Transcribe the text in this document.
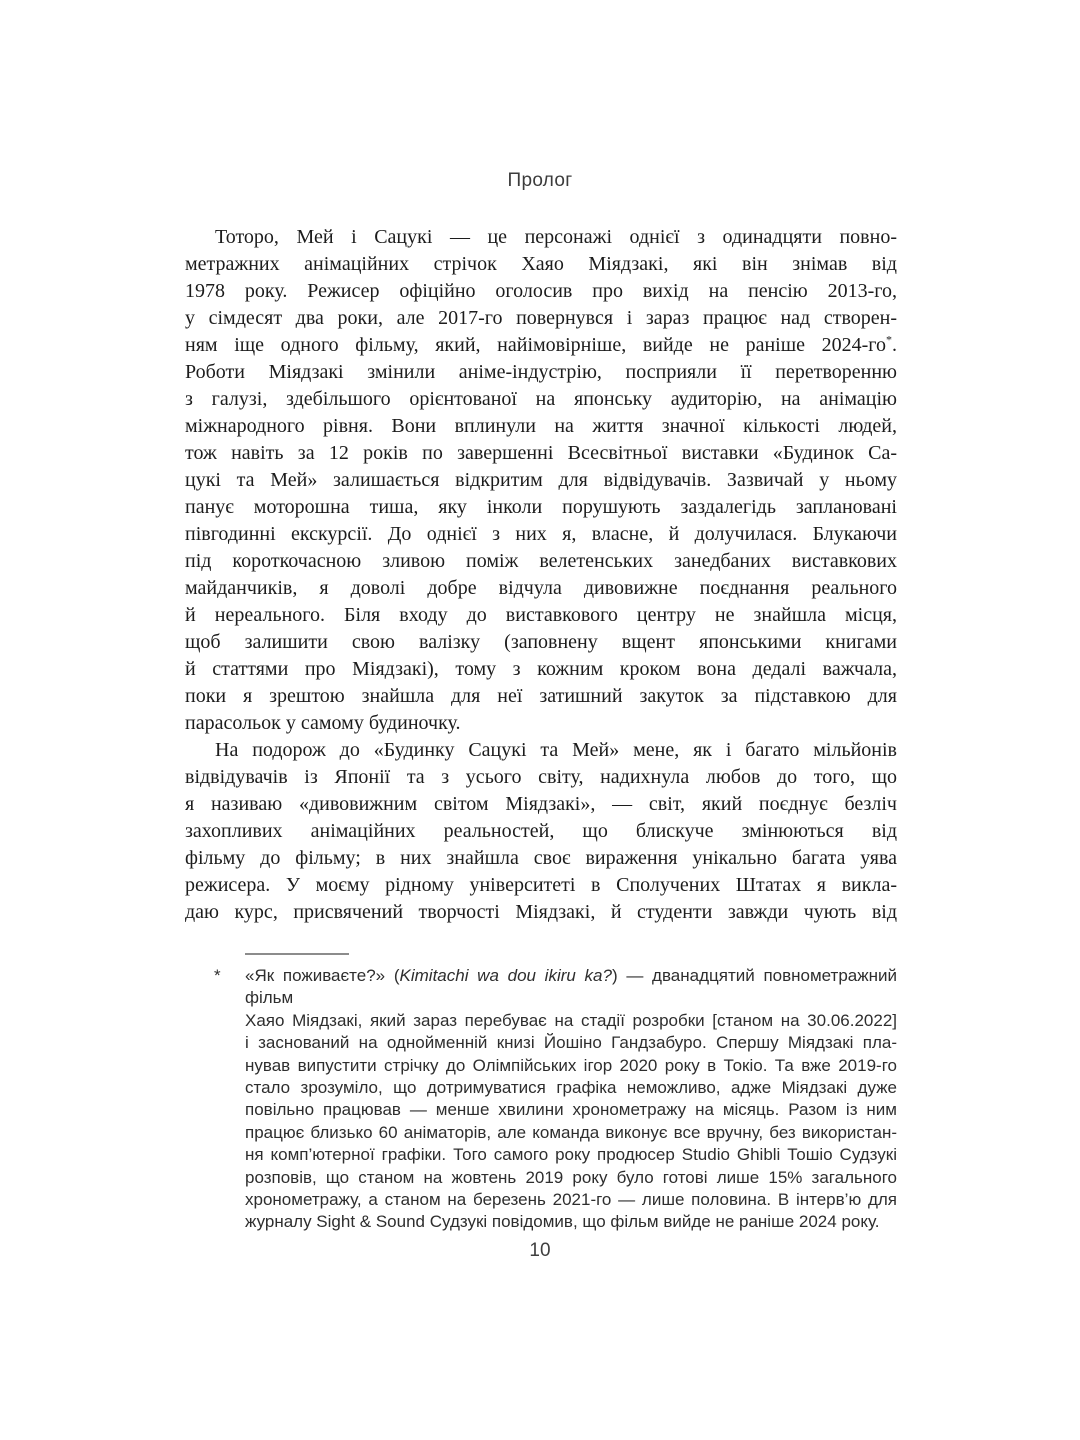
Пролог
Тоторо, Мей і Сацукі — це персонажі однієї з одинадцяти повно-
метражних анімаційних стрічок Хаяо Міядзакі, які він знімав від
1978 року. Режисер офіційно оголосив про вихід на пенсію 2013-го,
у сімдесят два роки, але 2017-го повернувся і зараз працює над створен-
ням іще одного фільму, який, найімовірніше, вийде не раніше 2024-го*.
Роботи Міядзакі змінили аніме-індустрію, посприяли її перетворенню
з галузі, здебільшого орієнтованої на японську аудиторію, на анімацію
міжнародного рівня. Вони вплинули на життя значної кількості людей,
тож навіть за 12 років по завершенні Всесвітньої виставки «Будинок Са-
цукі та Мей» залишається відкритим для відвідувачів. Зазвичай у ньому
панує моторошна тиша, яку інколи порушують заздалегідь заплановані
півгодинні екскурсії. До однієї з них я, власне, й долучилася. Блукаючи
під короткочасною зливою поміж велетенських занедбаних виставкових
майданчиків, я доволі добре відчула дивовижне поєднання реального
й нереального. Біля входу до виставкового центру не знайшла місця,
щоб залишити свою валізку (заповнену вщент японськими книгами
й статтями про Міядзакі), тому з кожним кроком вона дедалі важчала,
поки я зрештою знайшла для неї затишний закуток за підставкою для
парасольок у самому будиночку.
На подорож до «Будинку Сацукі та Мей» мене, як і багато мільйонів
відвідувачів із Японії та з усього світу, надихнула любов до того, що
я називаю «дивовижним світом Міядзакі», — світ, який поєднує безліч
захопливих анімаційних реальностей, що блискуче змінюються від
фільму до фільму; в них знайшла своє вираження унікально багата уява
режисера. У моєму рідному університеті в Сполучених Штатах я викла-
даю курс, присвячений творчості Міядзакі, й студенти завжди чують від
* «Як поживаєте?» (Kimitachi wa dou ikiru ka?) — дванадцятий повнометражний фільм
Хаяо Міядзакі, який зараз перебуває на стадії розробки [станом на 30.06.2022]
і заснований на однойменній книзі Йошіно Гандзабуро. Спершу Міядзакі пла-
нував випустити стрічку до Олімпійських ігор 2020 року в Токіо. Та вже 2019-го
стало зрозуміло, що дотримуватися графіка неможливо, адже Міядзакі дуже
повільно працював — менше хвилини хронометражу на місяць. Разом із ним
працює близько 60 аніматорів, але команда виконує все вручну, без використан-
ня комп’ютерної графіки. Того самого року продюсер Studio Ghibli Тошіо Судзукі
розповів, що станом на жовтень 2019 року було готові лише 15% загального
хронометражу, а станом на березень 2021-го — лише половина. В інтерв’ю для
журналу Sight & Sound Судзукі повідомив, що фільм вийде не раніше 2024 року.
10
